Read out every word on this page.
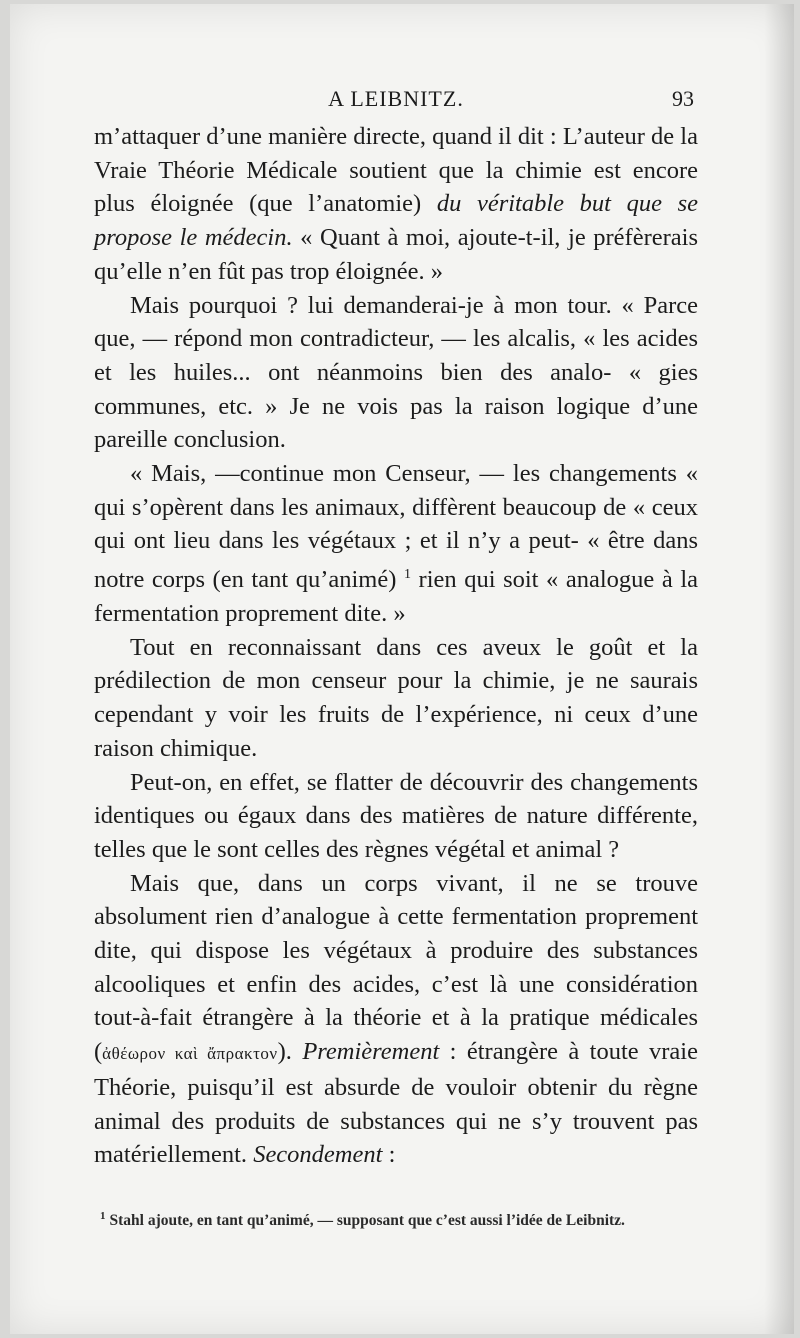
A LEIBNITZ.	93

m’attaquer d’une manière directe, quand il dit : L’auteur de la Vraie Théorie Médicale soutient que la chimie est encore plus éloignée (que l’anatomie) du véritable but que se propose le médecin. « Quant à moi, ajoute-t-il, je préfèrerais qu’elle n’en fût pas trop éloignée. »

Mais pourquoi ? lui demanderai-je à mon tour. « Parce que, — répond mon contradicteur, — les alcalis, « les acides et les huiles... ont néanmoins bien des analo- « gies communes, etc. » Je ne vois pas la raison logique d’une pareille conclusion.

« Mais, —continue mon Censeur, — les changements « qui s’opèrent dans les animaux, diffèrent beaucoup de « ceux qui ont lieu dans les végétaux ; et il n’y a peut- « être dans notre corps (en tant qu’animé) $^1$ rien qui soit « analogue à la fermentation proprement dite. »

Tout en reconnaissant dans ces aveux le goût et la prédilection de mon censeur pour la chimie, je ne saurais cependant y voir les fruits de l’expérience, ni ceux d’une raison chimique.

Peut-on, en effet, se flatter de découvrir des changements identiques ou égaux dans des matières de nature différente, telles que le sont celles des règnes végétal et animal ?

Mais que, dans un corps vivant, il ne se trouve absolument rien d’analogue à cette fermentation proprement dite, qui dispose les végétaux à produire des substances alcooliques et enfin des acides, c’est là une considération tout-à-fait étrangère à la théorie et à la pratique médicales (ἀθέωρον καὶ ἄπρακτον). Premièrement : étrangère à toute vraie Théorie, puisqu’il est absurde de vouloir obtenir du règne animal des produits de substances qui ne s’y trouvent pas matériellement. Secondement :

$^1$ Stahl ajoute, en tant qu’animé, — supposant que c’est aussi l’idée de Leibnitz.
